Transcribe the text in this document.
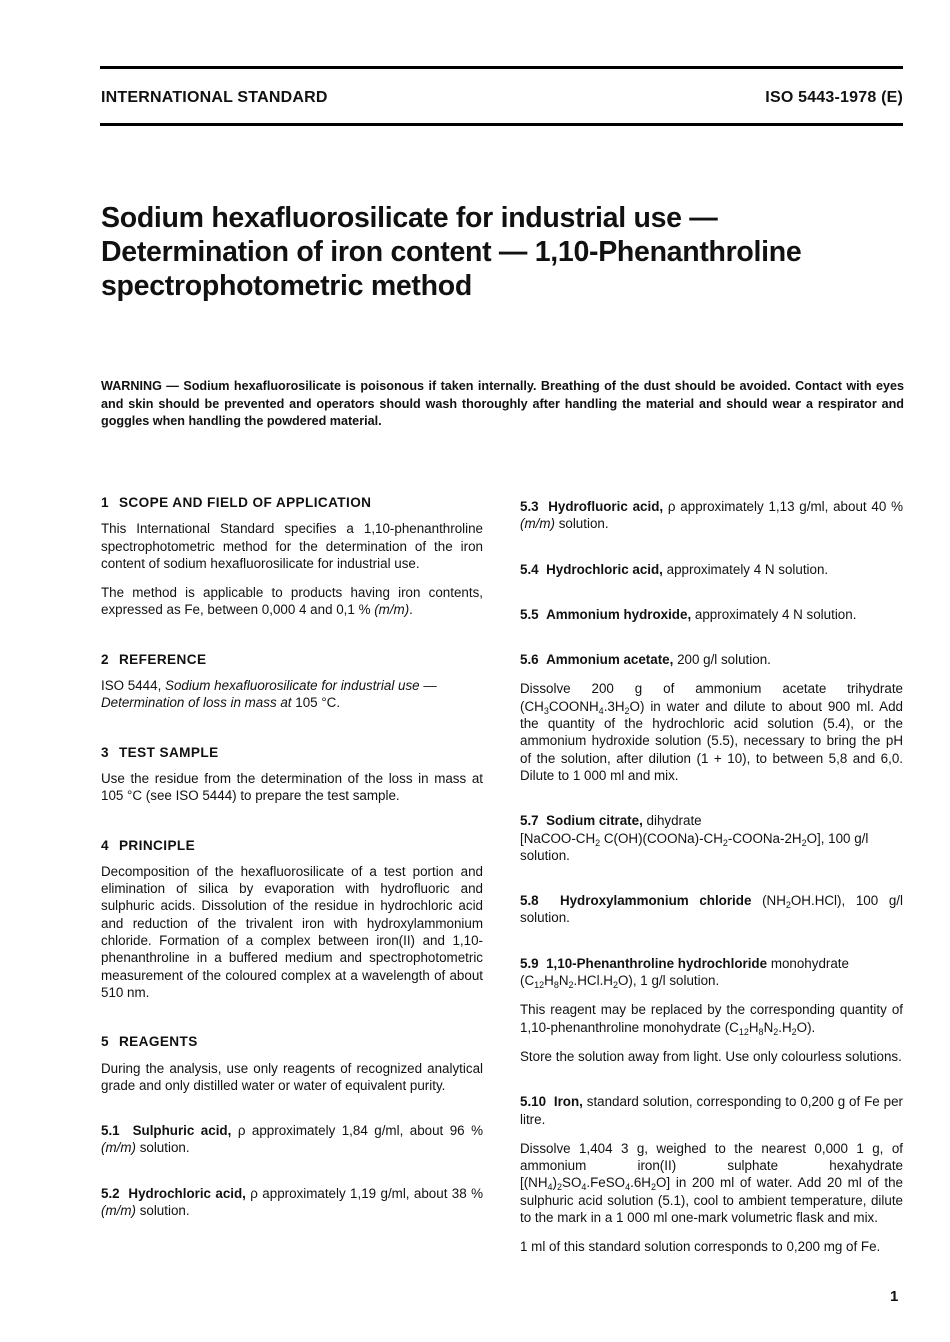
INTERNATIONAL STANDARD	ISO 5443-1978 (E)
Sodium hexafluorosilicate for industrial use — Determination of iron content — 1,10-Phenanthroline spectrophotometric method
WARNING — Sodium hexafluorosilicate is poisonous if taken internally. Breathing of the dust should be avoided. Contact with eyes and skin should be prevented and operators should wash thoroughly after handling the material and should wear a respirator and goggles when handling the powdered material.
1 SCOPE AND FIELD OF APPLICATION

This International Standard specifies a 1,10-phenanthroline spectrophotometric method for the determination of the iron content of sodium hexafluorosilicate for industrial use.

The method is applicable to products having iron contents, expressed as Fe, between 0,000 4 and 0,1 % (m/m).

2 REFERENCE

ISO 5444, Sodium hexafluorosilicate for industrial use — Determination of loss in mass at 105 °C.

3 TEST SAMPLE

Use the residue from the determination of the loss in mass at 105 °C (see ISO 5444) to prepare the test sample.

4 PRINCIPLE

Decomposition of the hexafluorosilicate of a test portion and elimination of silica by evaporation with hydrofluoric and sulphuric acids. Dissolution of the residue in hydrochloric acid and reduction of the trivalent iron with hydroxylammonium chloride. Formation of a complex between iron(II) and 1,10-phenanthroline in a buffered medium and spectrophotometric measurement of the coloured complex at a wavelength of about 510 nm.

5 REAGENTS

During the analysis, use only reagents of recognized analytical grade and only distilled water or water of equivalent purity.

5.1 Sulphuric acid, ρ approximately 1,84 g/ml, about 96 % (m/m) solution.

5.2 Hydrochloric acid, ρ approximately 1,19 g/ml, about 38 % (m/m) solution.

5.3 Hydrofluoric acid, ρ approximately 1,13 g/ml, about 40 % (m/m) solution.

5.4 Hydrochloric acid, approximately 4 N solution.

5.5 Ammonium hydroxide, approximately 4 N solution.

5.6 Ammonium acetate, 200 g/l solution.

Dissolve 200 g of ammonium acetate trihydrate $(CH_3COONH_4.3H_2O)$ in water and dilute to about 900 ml. Add the quantity of the hydrochloric acid solution (5.4), or the ammonium hydroxide solution (5.5), necessary to bring the pH of the solution, after dilution (1 + 10), to between 5,8 and 6,0. Dilute to 1 000 ml and mix.

5.7 Sodium citrate, dihydrate
[$NaCOO-CH_2$ $C(OH)(COONa)-CH_2-COONa-2H_2O$], 100 g/l solution.

5.8 Hydroxylammonium chloride $(NH_2OH.HCl)$, 100 g/l solution.

5.9 1,10-Phenanthroline hydrochloride monohydrate
$(C_{12}H_8N_2.HCl.H_2O)$, 1 g/l solution.

This reagent may be replaced by the corresponding quantity of 1,10-phenanthroline monohydrate $(C_{12}H_8N_2.H_2O)$.

Store the solution away from light. Use only colourless solutions.

5.10 Iron, standard solution, corresponding to 0,200 g of Fe per litre.

Dissolve 1,404 3 g, weighed to the nearest 0,000 1 g, of ammonium iron(II) sulphate hexahydrate $[(NH_4)_2SO_4.FeSO_4.6H_2O]$ in 200 ml of water. Add 20 ml of the sulphuric acid solution (5.1), cool to ambient temperature, dilute to the mark in a 1 000 ml one-mark volumetric flask and mix.

1 ml of this standard solution corresponds to 0,200 mg of Fe.

1
